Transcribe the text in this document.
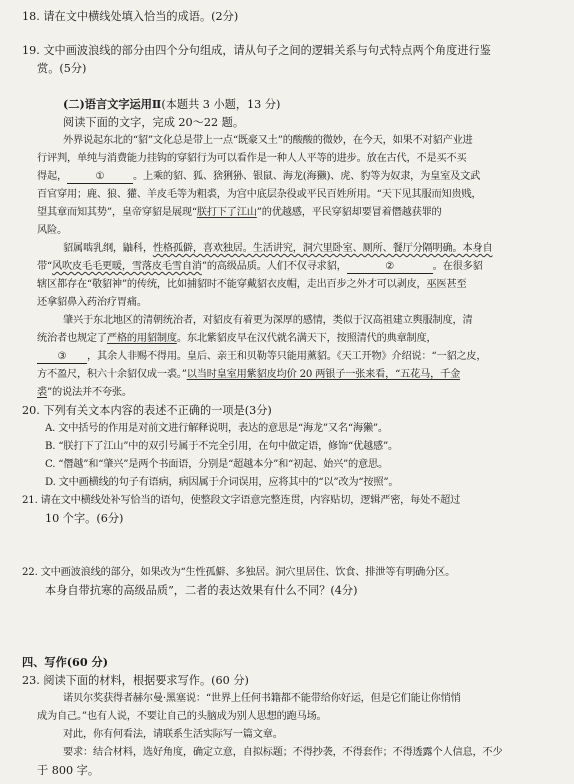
18. 请在文中横线处填入恰当的成语。(2分)
19. 文中画波浪线的部分由四个分句组成，请从句子之间的逻辑关系与句式特点两个角度进行鉴
赏。(5分)
(二)语言文字运用Ⅱ(本题共 3 小题，13 分)
阅读下面的文字，完成 20～22 题。
外界说起东北的“貂”文化总是带上一点“既豪又土”的酸酸的微妙，在今天，如果不对貂产业进
行评判，单纯与消费能力挂钩的穿貂行为可以看作是一种人人平等的进步。放在古代，不是买不买
得起，	①	。上乘的貂、狐、猞猁狲、银鼠、海龙(海獭)、虎、豹等为奴隶，为皇室及文武
百官穿用；鹿、狼、獾、羊皮毛等为粗裘，为宫中底层杂役或平民百姓所用。“天下见其服而知贵贱，
望其章而知其势”，皇帝穿貂是展现“朕打下了江山”的优越感，平民穿貂却要冒着僭越获罪的
风险。
貂属啮乳纲，鼬科，性格孤僻，喜欢独居。生活讲究，洞穴里卧室、厕所、餐厅分隔明确。本身自
带“风吹皮毛毛更暖，雪落皮毛雪自消”的高级品质。人们不仅寻求貂，	②	。在很多貂
辖区都存在“敬貂神”的传统，比如捕貂时不能穿戴貂衣皮帽，走出百步之外才可以剥皮，巫医甚至
还拿貂鼻入药治疗胃痛。
肇兴于东北地区的清朝统治者，对貂皮有着更为深厚的感情，类似于汉高祖建立舆服制度，清
统治者也规定了严格的用貂制度。东北紫貂皮早在汉代就名满天下，按照清代的典章制度，
③ ，其余人非赐不得用。皇后、亲王和贝勒等只能用薰貂。《天工开物》介绍说：“一貂之皮，
方不盈尺，积六十余貂仅成一裘。”以当时皇室用紫貂皮均价 20 两银子一张来看，“五花马，千金
裘”的说法并不夸张。
20. 下列有关文本内容的表述不正确的一项是(3分)
A. 文中括号的作用是对前文进行解释说明，表达的意思是“海龙”又名“海獭”。
B. “朕打下了江山”中的双引号属于不完全引用，在句中做定语，修饰“优越感”。
C. “僭越”和“肇兴”是两个书面语，分别是“超越本分”和“初起、始兴”的意思。
D. 文中画横线的句子有语病，病因属于介词误用，应将其中的“以”改为“按照”。
21. 请在文中横线处补写恰当的语句，使整段文字语意完整连贯，内容贴切，逻辑严密，每处不超过
10 个字。(6分)
22. 文中画波浪线的部分，如果改为“生性孤僻、多独居。洞穴里居住、饮食、排泄等有明确分区。
本身自带抗寒的高级品质”，二者的表达效果有什么不同？(4分)
四、写作(60 分)
23. 阅读下面的材料，根据要求写作。(60 分)
诺贝尔奖获得者赫尔曼·黑塞说：“世界上任何书籍都不能带给你好运，但是它们能让你悄悄
成为自己。”也有人说，不要让自己的头脑成为别人思想的跑马场。
对此，你有何看法，请联系生活实际写一篇文章。
要求：结合材料，选好角度，确定立意，自拟标题；不得抄袭，不得套作；不得透露个人信息，不少
于 800 字。
